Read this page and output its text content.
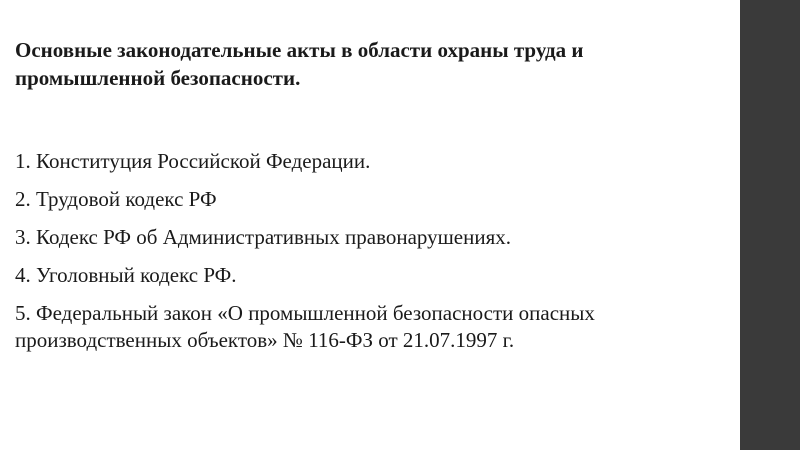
Основные законодательные акты в области охраны труда и промышленной безопасности.
1. Конституция Российской Федерации.
2. Трудовой кодекс РФ
3. Кодекс РФ об Административных правонарушениях.
4. Уголовный кодекс РФ.
5. Федеральный закон «О промышленной безопасности опасных производственных объектов» № 116-ФЗ от 21.07.1997 г.
